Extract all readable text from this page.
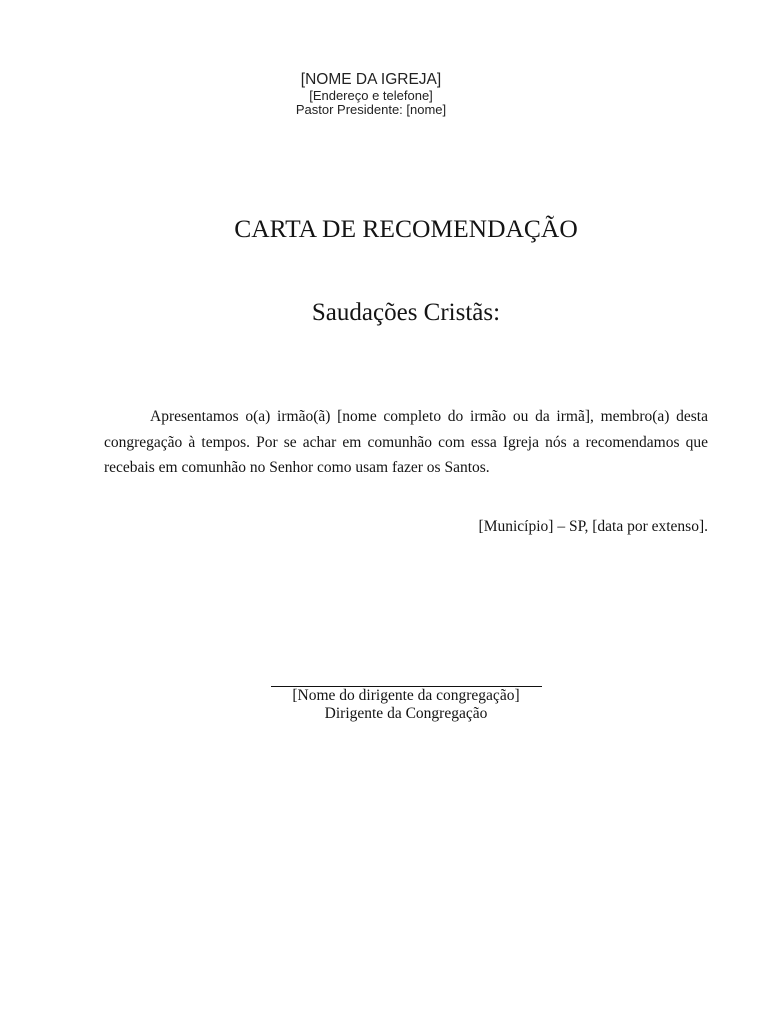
[NOME DA IGREJA]
[Endereço e telefone]
Pastor Presidente: [nome]
CARTA DE RECOMENDAÇÃO
Saudações Cristãs:

Apresentamos o(a) irmão(ã) [nome completo do irmão ou da irmã], membro(a) desta congregação à tempos. Por se achar em comunhão com essa Igreja nós a recomendamos que recebais em comunhão no Senhor como usam fazer os Santos.

[Município] – SP, [data por extenso].
[Nome do dirigente da congregação]
Dirigente da Congregação
